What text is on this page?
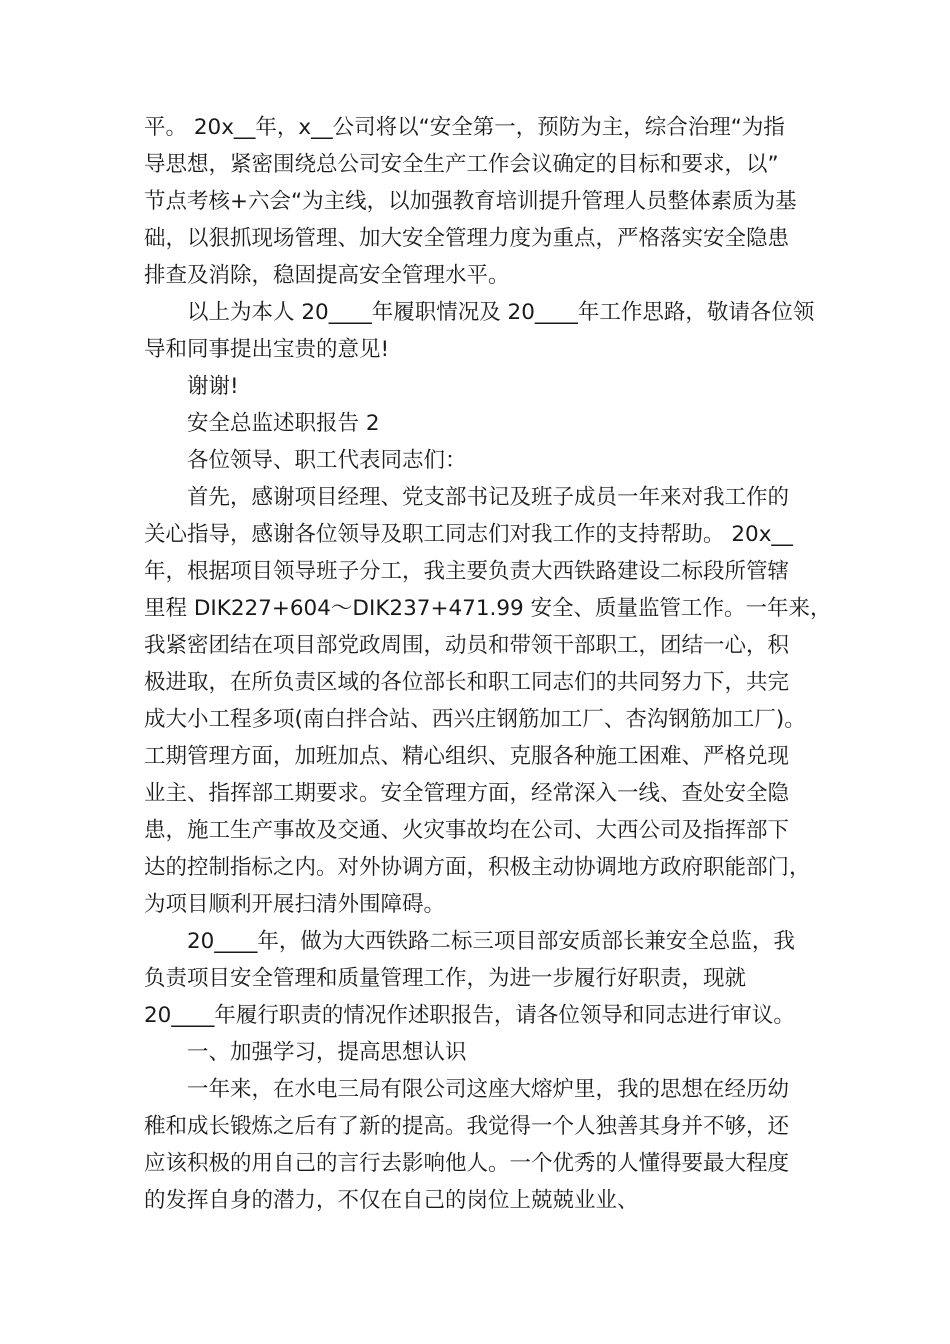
平。 20x__年，x__公司将以“安全第一，预防为主，综合治理“为指
导思想，紧密围绕总公司安全生产工作会议确定的目标和要求，以”
节点考核+六会“为主线，以加强教育培训提升管理人员整体素质为基
础，以狠抓现场管理、加大安全管理力度为重点，严格落实安全隐患
排查及消除，稳固提高安全管理水平。
以上为本人 20____年履职情况及 20____年工作思路，敬请各位领
导和同事提出宝贵的意见!
谢谢!
安全总监述职报告 2
各位领导、职工代表同志们：
首先，感谢项目经理、党支部书记及班子成员一年来对我工作的
关心指导，感谢各位领导及职工同志们对我工作的支持帮助。 20x__
年，根据项目领导班子分工，我主要负责大西铁路建设二标段所管辖
里程 DIK227+604～DIK237+471.99 安全、质量监管工作。一年来，
我紧密团结在项目部党政周围，动员和带领干部职工，团结一心，积
极进取，在所负责区域的各位部长和职工同志们的共同努力下，共完
成大小工程多项(南白拌合站、西兴庄钢筋加工厂、杏沟钢筋加工厂)。
工期管理方面，加班加点、精心组织、克服各种施工困难、严格兑现
业主、指挥部工期要求。安全管理方面，经常深入一线、查处安全隐
患，施工生产事故及交通、火灾事故均在公司、大西公司及指挥部下
达的控制指标之内。对外协调方面，积极主动协调地方政府职能部门，
为项目顺利开展扫清外围障碍。
20____年，做为大西铁路二标三项目部安质部长兼安全总监，我
负责项目安全管理和质量管理工作，为进一步履行好职责，现就
20____年履行职责的情况作述职报告，请各位领导和同志进行审议。
一、加强学习，提高思想认识
一年来，在水电三局有限公司这座大熔炉里，我的思想在经历幼
稚和成长锻炼之后有了新的提高。我觉得一个人独善其身并不够，还
应该积极的用自己的言行去影响他人。一个优秀的人懂得要最大程度
的发挥自身的潜力，不仅在自己的岗位上兢兢业业、
